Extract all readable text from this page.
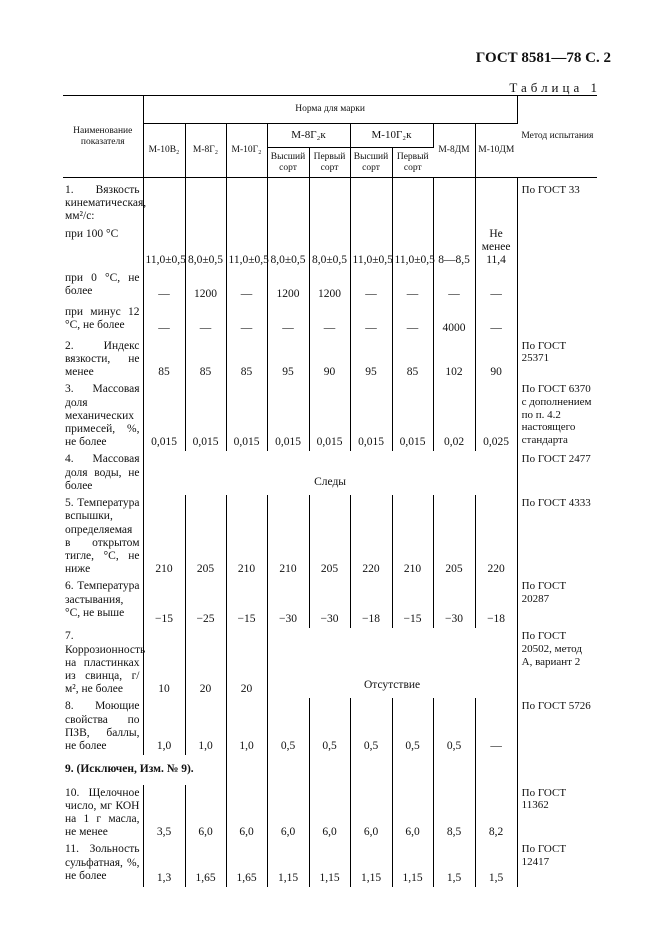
ГОСТ 8581—78 С. 2
Таблица 1
Наименование показателя	Норма для марки									Метод испытания
	М-10В₂	М-8Г₂	М-10Г₂	М-8Г₂к		М-10Г₂к		М-8ДМ	М-10ДМ	
				Высший сорт	Первый сорт	Высший сорт	Первый сорт			
1. Вязкость кинематическая, мм²/с:										По ГОСТ 33
при 100 °С	11,0±0,5	8,0±0,5	11,0±0,5	8,0±0,5	8,0±0,5	11,0±0,5	11,0±0,5	8—8,5	Не менее 11,4	
при 0 °С, не более	—	1200	—	1200	1200	—	—	—	—	
при минус 12 °С, не более	—	—	—	—	—	—	—	4000	—	
2. Индекс вязкости, не менее	85	85	85	95	90	95	85	102	90	По ГОСТ 25371
3. Массовая доля механических примесей, %, не более	0,015	0,015	0,015	0,015	0,015	0,015	0,015	0,02	0,025	По ГОСТ 6370 с дополнением по п. 4.2 настоящего стандарта
4. Массовая доля воды, не более	Следы									По ГОСТ 2477
5. Температура вспышки, определяемая в открытом тигле, °С, не ниже	210	205	210	210	205	220	210	205	220	По ГОСТ 4333
6. Температура застывания, °С, не выше	−15	−25	−15	−30	−30	−18	−15	−30	−18	По ГОСТ 20287
7. Коррозионность на пластинках из свинца, г/м², не более	10	20	20	Отсутствие						По ГОСТ 20502, метод А, вариант 2
8. Моющие свойства по ПЗВ, баллы, не более	1,0	1,0	1,0	0,5	0,5	0,5	0,5	0,5	—	По ГОСТ 5726
9. (Исключен, Изм. № 9).										
10. Щелочное число, мг КОН на 1 г масла, не менее	3,5	6,0	6,0	6,0	6,0	6,0	6,0	8,5	8,2	По ГОСТ 11362
11. Зольность сульфатная, %, не более	1,3	1,65	1,65	1,15	1,15	1,15	1,15	1,5	1,5	По ГОСТ 12417
